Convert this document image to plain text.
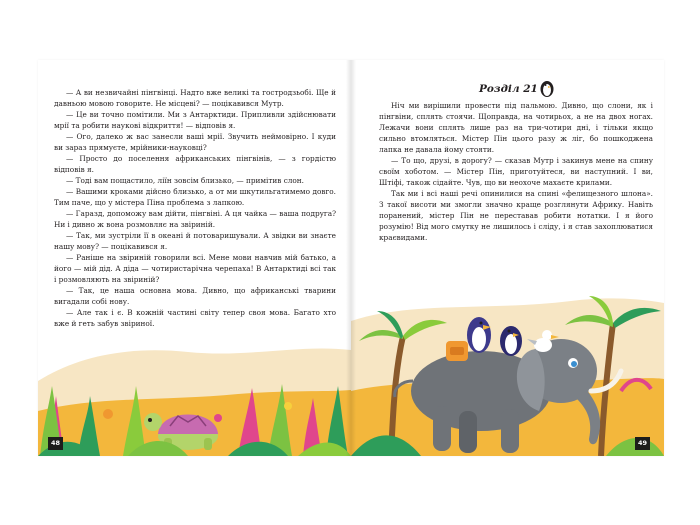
— А ви незвичайні пінгвінці. Надто вже великі та гостродзьобі. Ще й давньою мовою говорите. Не місцеві? — поцікавився Мутр.

— Це ви точно помітили. Ми з Антарктиди. Припливли здійснювати мрії та робити наукові відкриття! — відповів я.

— Ого, далеко ж вас занесли ваші мрії. Звучить неймовірно. І куди ви зараз прямуєте, мрійники-науковці?

— Просто до поселення африканських пінгвінів, — з гордістю відповів я.

— Тоді вам пощастило, ліїн зовсім близько, — примітив слон.

— Вашими кроками дійсно близько, а от ми шкутильгатимемо довго. Тим паче, що у містера Піна проблема з лапкою.

— Гаразд, допоможу вам дійти, пінгвіні. А ця чайка — ваша подруга? Ни і дивно ж вона розмовляє на звіриній.

— Так, ми зустріли її в океані й потоваришували. А звідки ви знаєте нашу мову? — поцікавився я.

— Раніше на звіриній говорили всі. Мене мови навчив мій батько, а його — мій дід. А діда — чотиристарічна черепаха! В Антарктиді всі так і розмовляють на звіриній?

— Так, це наша основна мова. Дивно, що африканські тварини вигадали собі нову.

— Але так і є. В кожній частині світу тепер своя мова. Багато хто вже й геть забув звіриної.

48
Розділ 21

Ніч ми вирішили провести під пальмою. Дивно, що слони, як і пінгвіни, сплять стоячи. Щоправда, на чотирьох, а не на двох ногах. Лежачи вони сплять лише раз на три-чотири дні, і тільки якщо сильно втомляться. Містер Пін цього разу ж ліг, бо пошкоджена лапка не давала йому стояти.

— То що, друзі, в дорогу? — сказав Мутр і закинув мене на спину своїм хоботом. — Містер Пін, приготуйтеся, ви наступний. І ви, Штіфі, також сідайте. Чув, що ви неохоче махаєте крилами.

Так ми і всі наші речі опинилися на спині «фелищезного шлона». З такої висоти ми змогли значно краще розглянути Африку. Навіть поранений, містер Пін не переставав робити нотатки. І я його розумію! Від мого смутку не лишилось і сліду, і я став захоплюватися краєвидами.

49
